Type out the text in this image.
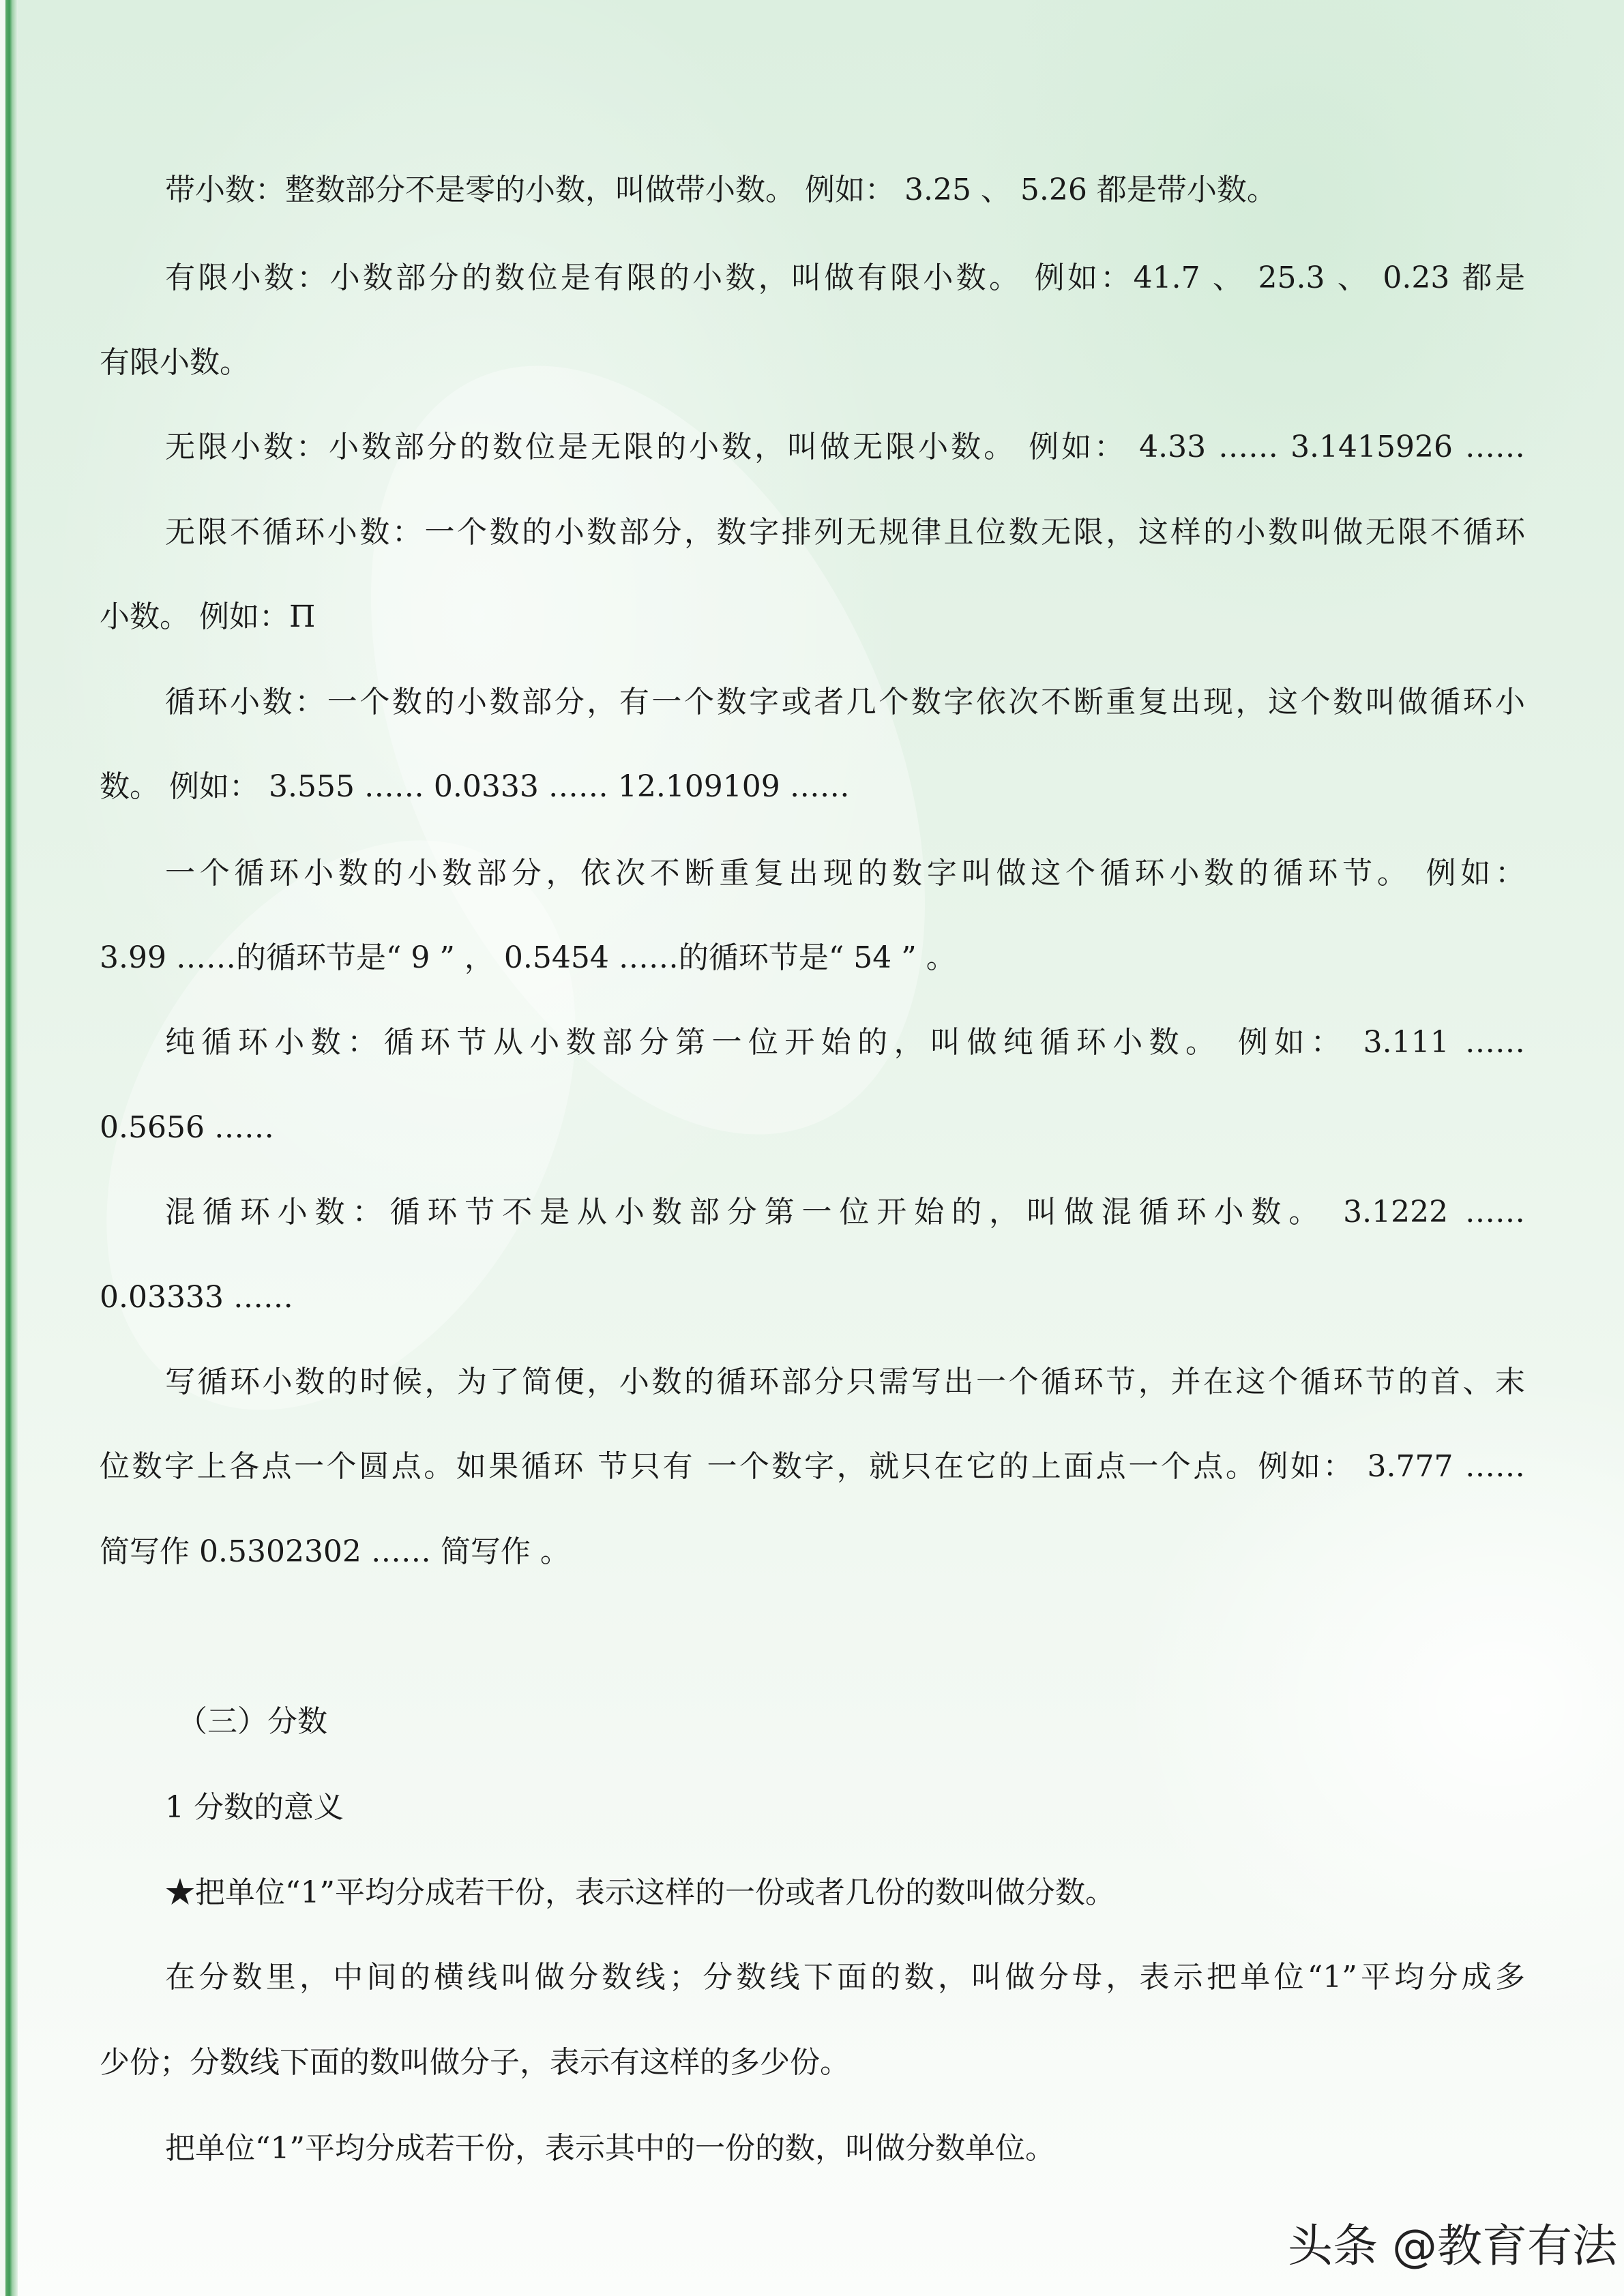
带小数：整数部分不是零的小数，叫做带小数。 例如： 3.25 、 5.26 都是带小数。
有限小数：小数部分的数位是有限的小数，叫做有限小数。 例如：41.7 、 25.3 、 0.23 都是
有限小数。
无限小数：小数部分的数位是无限的小数，叫做无限小数。 例如： 4.33 …… 3.1415926 ……
无限不循环小数：一个数的小数部分，数字排列无规律且位数无限，这样的小数叫做无限不循环
小数。 例如：Π
循环小数：一个数的小数部分，有一个数字或者几个数字依次不断重复出现，这个数叫做循环小
数。 例如： 3.555 …… 0.0333 …… 12.109109 ……
一个循环小数的小数部分，依次不断重复出现的数字叫做这个循环小数的循环节。 例如：
3.99 ……的循环节是“ 9 ” ， 0.5454 ……的循环节是“ 54 ” 。
纯循环小数：循环节从小数部分第一位开始的，叫做纯循环小数。 例如： 3.111 ……
0.5656 ……
混循环小数：循环节不是从小数部分第一位开始的，叫做混循环小数。 3.1222 ……
0.03333 ……
写循环小数的时候，为了简便，小数的循环部分只需写出一个循环节，并在这个循环节的首、末
位数字上各点一个圆点。如果循环 节只有 一个数字，就只在它的上面点一个点。例如： 3.777 ……
简写作 0.5302302 …… 简写作 。
（三）分数
1 分数的意义
★把单位“1”平均分成若干份，表示这样的一份或者几份的数叫做分数。
在分数里，中间的横线叫做分数线；分数线下面的数，叫做分母，表示把单位“1”平均分成多
少份；分数线下面的数叫做分子，表示有这样的多少份。
把单位“1”平均分成若干份，表示其中的一份的数，叫做分数单位。
头条 @教育有法
